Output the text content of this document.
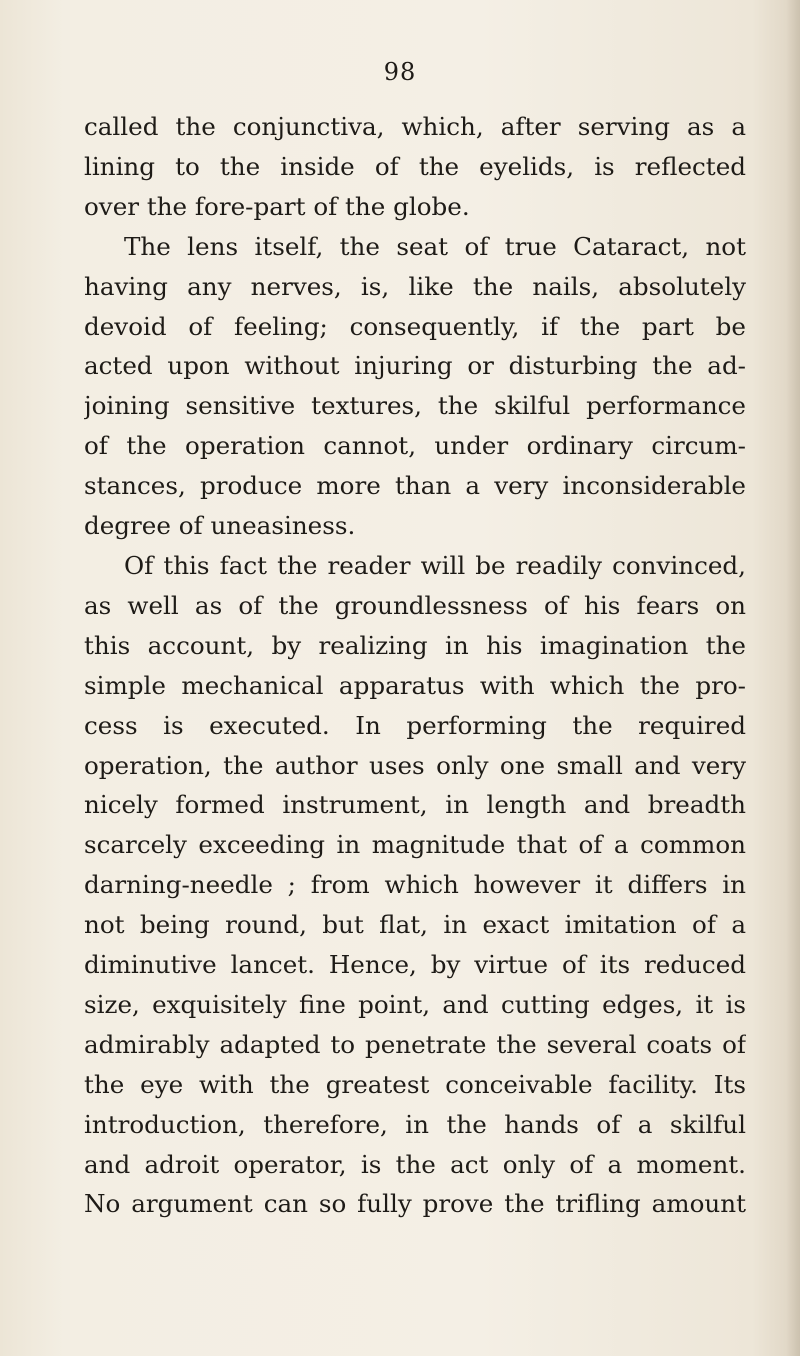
98
called the conjunctiva, which, after serving as a
lining to the inside of the eyelids, is reflected
over the fore-part of the globe.
The lens itself, the seat of true Cataract, not
having any nerves, is, like the nails, absolutely
devoid of feeling; consequently, if the part be
acted upon without injuring or disturbing the ad-
joining sensitive textures, the skilful performance
of the operation cannot, under ordinary circum-
stances, produce more than a very inconsiderable
degree of uneasiness.
Of this fact the reader will be readily convinced,
as well as of the groundlessness of his fears on
this account, by realizing in his imagination the
simple mechanical apparatus with which the pro-
cess is executed. In performing the required
operation, the author uses only one small and very
nicely formed instrument, in length and breadth
scarcely exceeding in magnitude that of a common
darning-needle ; from which however it differs in
not being round, but flat, in exact imitation of a
diminutive lancet. Hence, by virtue of its reduced
size, exquisitely fine point, and cutting edges, it is
admirably adapted to penetrate the several coats of
the eye with the greatest conceivable facility. Its
introduction, therefore, in the hands of a skilful
and adroit operator, is the act only of a moment.
No argument can so fully prove the trifling amount
